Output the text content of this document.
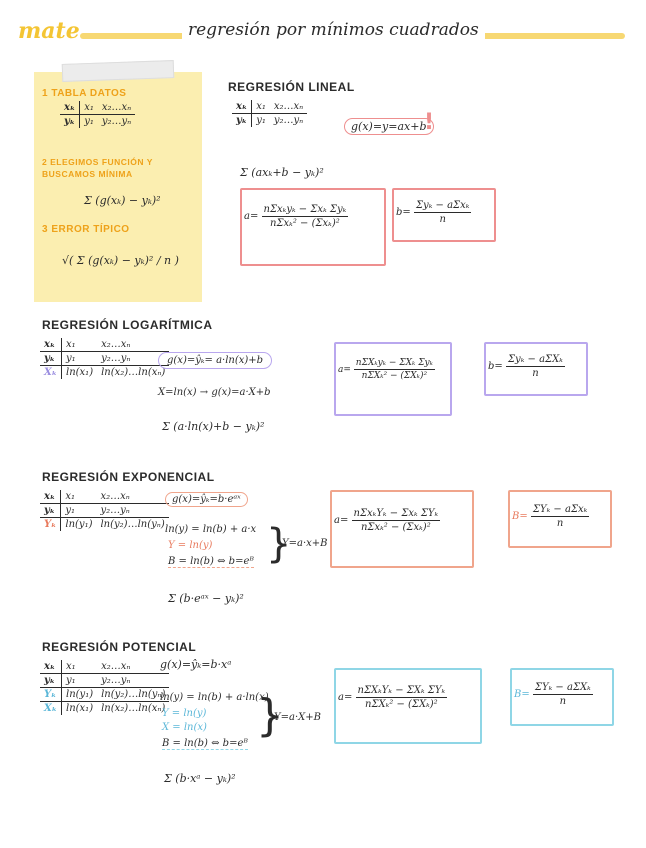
mate	regresión por mínimos cuadrados
1 TABLA DATOS
xₖ	x₁	x₂…xₙ
yₖ	y₁	y₂…yₙ
2 ELEGIMOS FUNCIÓN Y BUSCAMOS MÍNIMA
Σ (g(xₖ) − yₖ)²
3 ERROR TÍPICO
√( Σ (g(xₖ) − yₖ)² / n )
REGRESIÓN LINEAL
xₖ	x₁	x₂…xₙ
yₖ	y₁	y₂…yₙ	g(x)=y=ax+b
!
Σ (axₖ+b − yₖ)²
$a= \frac{\text{nΣxₖyₖ − Σxₖ Σyₖ}}{\text{nΣxₖ² − (Σxₖ)²}}$	$b= \frac{\text{Σyₖ − aΣxₖ}}{n}$
REGRESIÓN LOGARÍTMICA
xₖ	x₁	x₂…xₙ
yₖ	y₁	y₂…yₙ
Xₖ	ln(x₁)	ln(x₂)…ln(xₙ)
g(x)=ŷₖ= a·ln(x)+b
X=ln(x) → g(x)=a·X+b
Σ (a·ln(x)+b − yₖ)²
$a= \frac{\text{nΣXₖyₖ − ΣXₖ Σyₖ}}{\text{nΣXₖ² − (ΣXₖ)²}}$	$b= \frac{\text{Σyₖ − aΣXₖ}}{n}$
REGRESIÓN EXPONENCIAL
xₖ	x₁	x₂…xₙ
yₖ	y₁	y₂…yₙ
Yₖ	ln(y₁)	ln(y₂)…ln(yₙ)
g(x)=ŷₖ=b·eᵃˣ
ln(y) = ln(b) + a·x
Y = ln(y)
B = ln(b) ⇔ b=eᴮ }
Y=a·x+B
Σ (b·eᵃˣ − yₖ)²
$a= \frac{\text{nΣxₖYₖ − Σxₖ ΣYₖ}}{\text{nΣxₖ² − (Σxₖ)²}}$	$B= \frac{\text{ΣYₖ − aΣxₖ}}{n}$
REGRESIÓN POTENCIAL
xₖ	x₁	x₂…xₙ
yₖ	y₁	y₂…yₙ
Yₖ	ln(y₁)	ln(y₂)…ln(yₙ)
Xₖ	ln(x₁)	ln(x₂)…ln(xₙ)
g(x)=ŷₖ=b·xᵃ
ln(y) = ln(b) + a·ln(x)
Y = ln(y)
X = ln(x)
B = ln(b) ⇔ b=eᴮ
}
Y=a·X+B
Σ (b·xᵃ − yₖ)²
$a= \frac{\text{nΣXₖYₖ − ΣXₖ ΣYₖ}}{\text{nΣXₖ² − (ΣXₖ)²}}$	$B= \frac{\text{ΣYₖ − aΣXₖ}}{n}$
